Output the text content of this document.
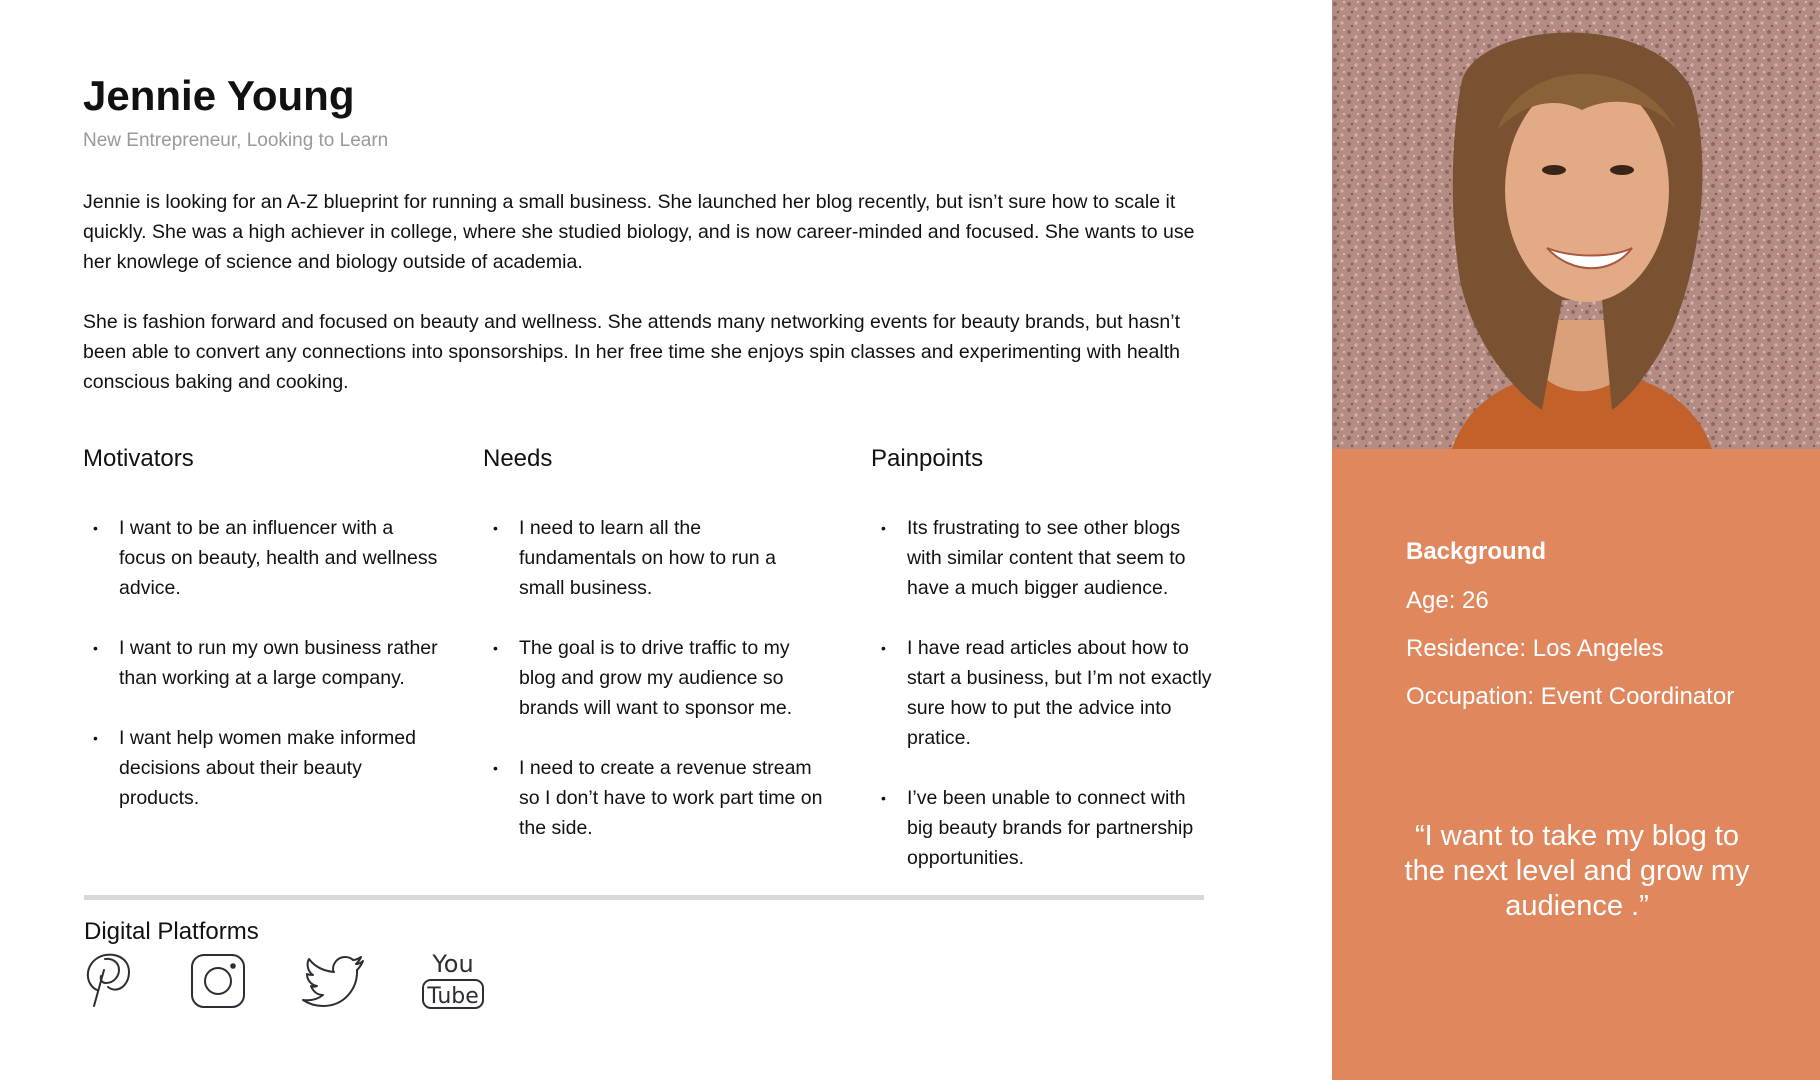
Jennie Young
New Entrepreneur, Looking to Learn

Jennie is looking for an A-Z blueprint for running a small business. She launched her blog recently, but isn’t sure how to scale it quickly. She was a high achiever in college, where she studied biology, and is now career-minded and focused. She wants to use her knowlege of science and biology outside of academia.

She is fashion forward and focused on beauty and wellness. She attends many networking events for beauty brands, but hasn’t been able to convert any connections into sponsorships. In her free time she enjoys spin classes and experimenting with health conscious baking and cooking.

Motivators
• I want to be an influencer with a focus on beauty, health and wellness advice.
• I want to run my own business rather than working at a large company.
• I want help women make informed decisions about their beauty products.
Needs
• I need to learn all the fundamentals on how to run a small business.
• The goal is to drive traffic to my blog and grow my audience so brands will want to sponsor me.
• I need to create a revenue stream so I don’t have to work part time on the side.
Painpoints
• Its frustrating to see other blogs with similar content that seem to have a much bigger audience.
• I have read articles about how to start a business, but I’m not exactly sure how to put the advice into pratice.
• I’ve been unable to connect with big beauty brands for partnership opportunities.
Digital Platforms
You
Tube
Background
Age: 26
Residence: Los Angeles
Occupation: Event Coordinator
“I want to take my blog to the next level and grow my audience .”
